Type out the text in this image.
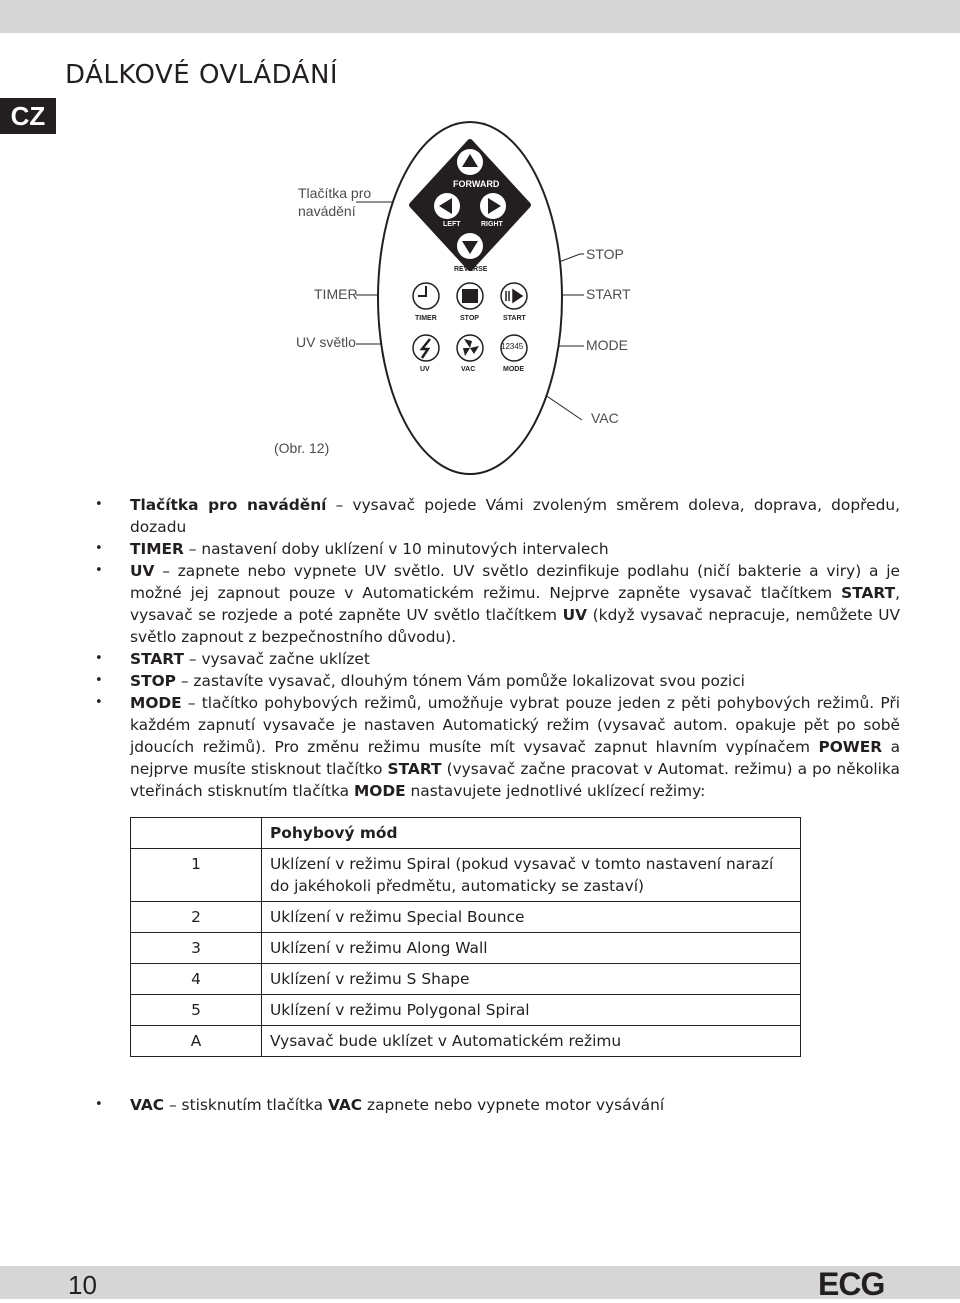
CZ
DÁLKOVÉ OVLÁDÁNÍ
FORWARD
LEFT	RIGHT
REVERSE
TIMER	STOP	START
12345
UV	VAC	MODE
Tlačítka pro navádění
TIMER
UV světlo
(Obr. 12)
STOP
START
MODE
VAC
• Tlačítka pro navádění – vysavač pojede Vámi zvoleným směrem doleva, doprava, dopředu, dozadu
• TIMER – nastavení doby uklízení v 10 minutových intervalech
• UV – zapnete nebo vypnete UV světlo. UV světlo dezinfikuje podlahu (ničí bakterie a viry) a je možné jej zapnout pouze v Automatickém režimu. Nejprve zapněte vysavač tlačítkem START, vysavač se rozjede a poté zapněte UV světlo tlačítkem UV (když vysavač nepracuje, nemůžete UV světlo zapnout z bezpečnostního důvodu).
• START – vysavač začne uklízet
• STOP – zastavíte vysavač, dlouhým tónem Vám pomůže lokalizovat svou pozici
• MODE – tlačítko pohybových režimů, umožňuje vybrat pouze jeden z pěti pohybových režimů. Při každém zapnutí vysavače je nastaven Automatický režim (vysavač autom. opakuje pět po sobě jdoucích režimů). Pro změnu režimu musíte mít vysavač zapnut hlavním vypínačem POWER a nejprve musíte stisknout tlačítko START (vysavač začne pracovat v Automat. režimu) a po několika vteřinách stisknutím tlačítka MODE nastavujete jednotlivé uklízecí režimy:
	Pohybový mód
1	Uklízení v režimu Spiral (pokud vysavač v tomto nastavení narazí do jakéhokoli předmětu, automaticky se zastaví)
2	Uklízení v režimu Special Bounce
3	Uklízení v režimu Along Wall
4	Uklízení v režimu S Shape
5	Uklízení v režimu Polygonal Spiral
A	Vysavač bude uklízet v Automatickém režimu
• VAC – stisknutím tlačítka VAC zapnete nebo vypnete motor vysávání
10	ECG
